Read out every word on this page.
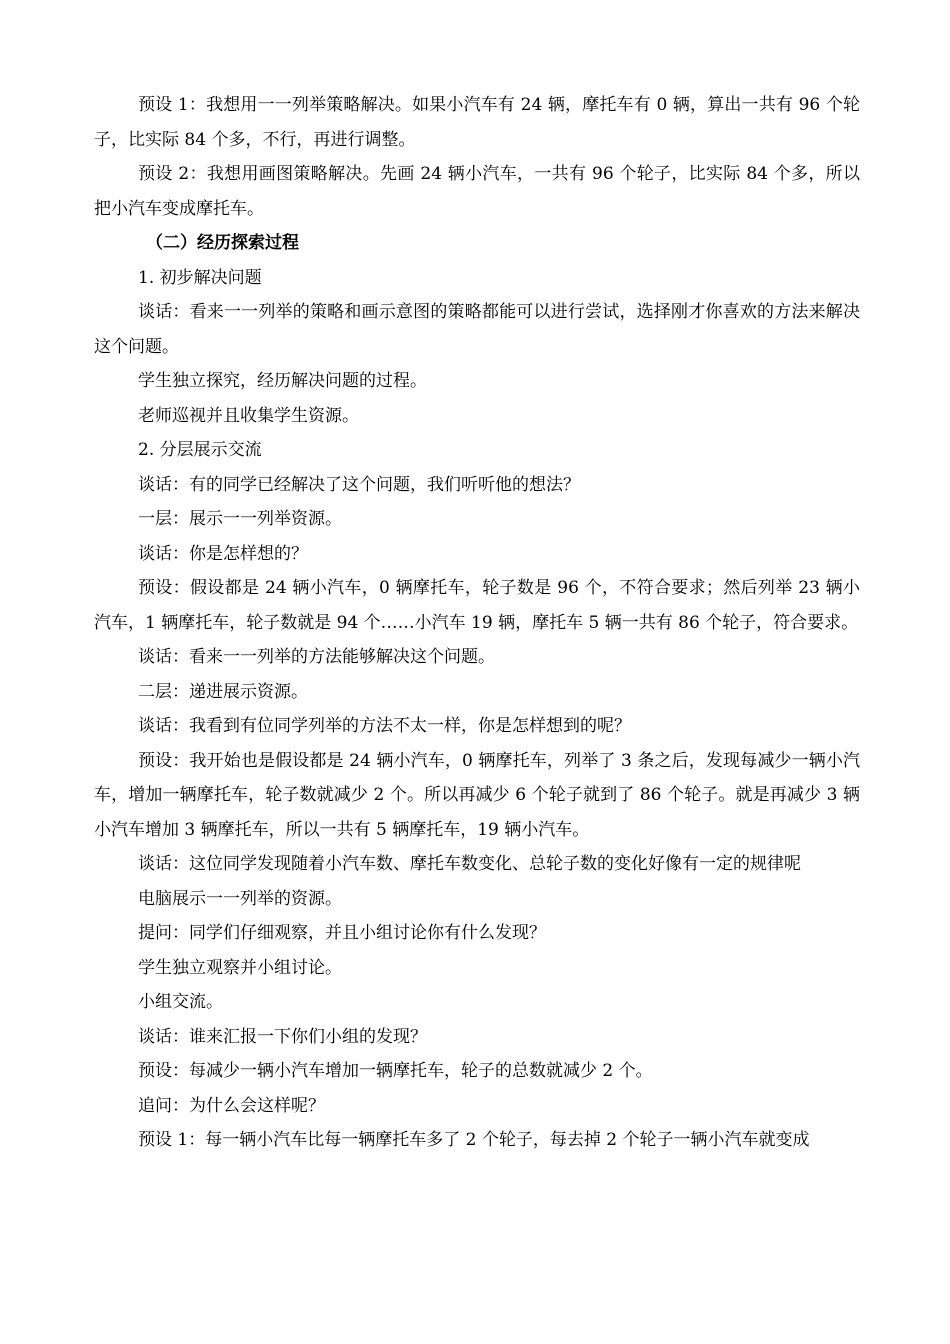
预设 1：我想用一一列举策略解决。如果小汽车有 24 辆，摩托车有 0 辆，算出一共有 96 个轮子，比实际 84 个多，不行，再进行调整。

预设 2：我想用画图策略解决。先画 24 辆小汽车，一共有 96 个轮子，比实际 84 个多，所以把小汽车变成摩托车。

（二）经历探索过程

1. 初步解决问题

谈话：看来一一列举的策略和画示意图的策略都能可以进行尝试，选择刚才你喜欢的方法来解决这个问题。

学生独立探究，经历解决问题的过程。

老师巡视并且收集学生资源。

2. 分层展示交流

谈话：有的同学已经解决了这个问题，我们听听他的想法？

一层：展示一一列举资源。

谈话：你是怎样想的？

预设：假设都是 24 辆小汽车，0 辆摩托车，轮子数是 96 个，不符合要求；然后列举 23 辆小汽车，1 辆摩托车，轮子数就是 94 个……小汽车 19 辆，摩托车 5 辆一共有 86 个轮子，符合要求。

谈话：看来一一列举的方法能够解决这个问题。

二层：递进展示资源。

谈话：我看到有位同学列举的方法不太一样，你是怎样想到的呢？

预设：我开始也是假设都是 24 辆小汽车，0 辆摩托车，列举了 3 条之后，发现每减少一辆小汽车，增加一辆摩托车，轮子数就减少 2 个。所以再减少 6 个轮子就到了 86 个轮子。就是再减少 3 辆小汽车增加 3 辆摩托车，所以一共有 5 辆摩托车，19 辆小汽车。

谈话：这位同学发现随着小汽车数、摩托车数变化、总轮子数的变化好像有一定的规律呢

电脑展示一一列举的资源。

提问：同学们仔细观察，并且小组讨论你有什么发现？

学生独立观察并小组讨论。

小组交流。

谈话：谁来汇报一下你们小组的发现？

预设：每减少一辆小汽车增加一辆摩托车，轮子的总数就减少 2 个。

追问：为什么会这样呢？

预设 1：每一辆小汽车比每一辆摩托车多了 2 个轮子，每去掉 2 个轮子一辆小汽车就变成
